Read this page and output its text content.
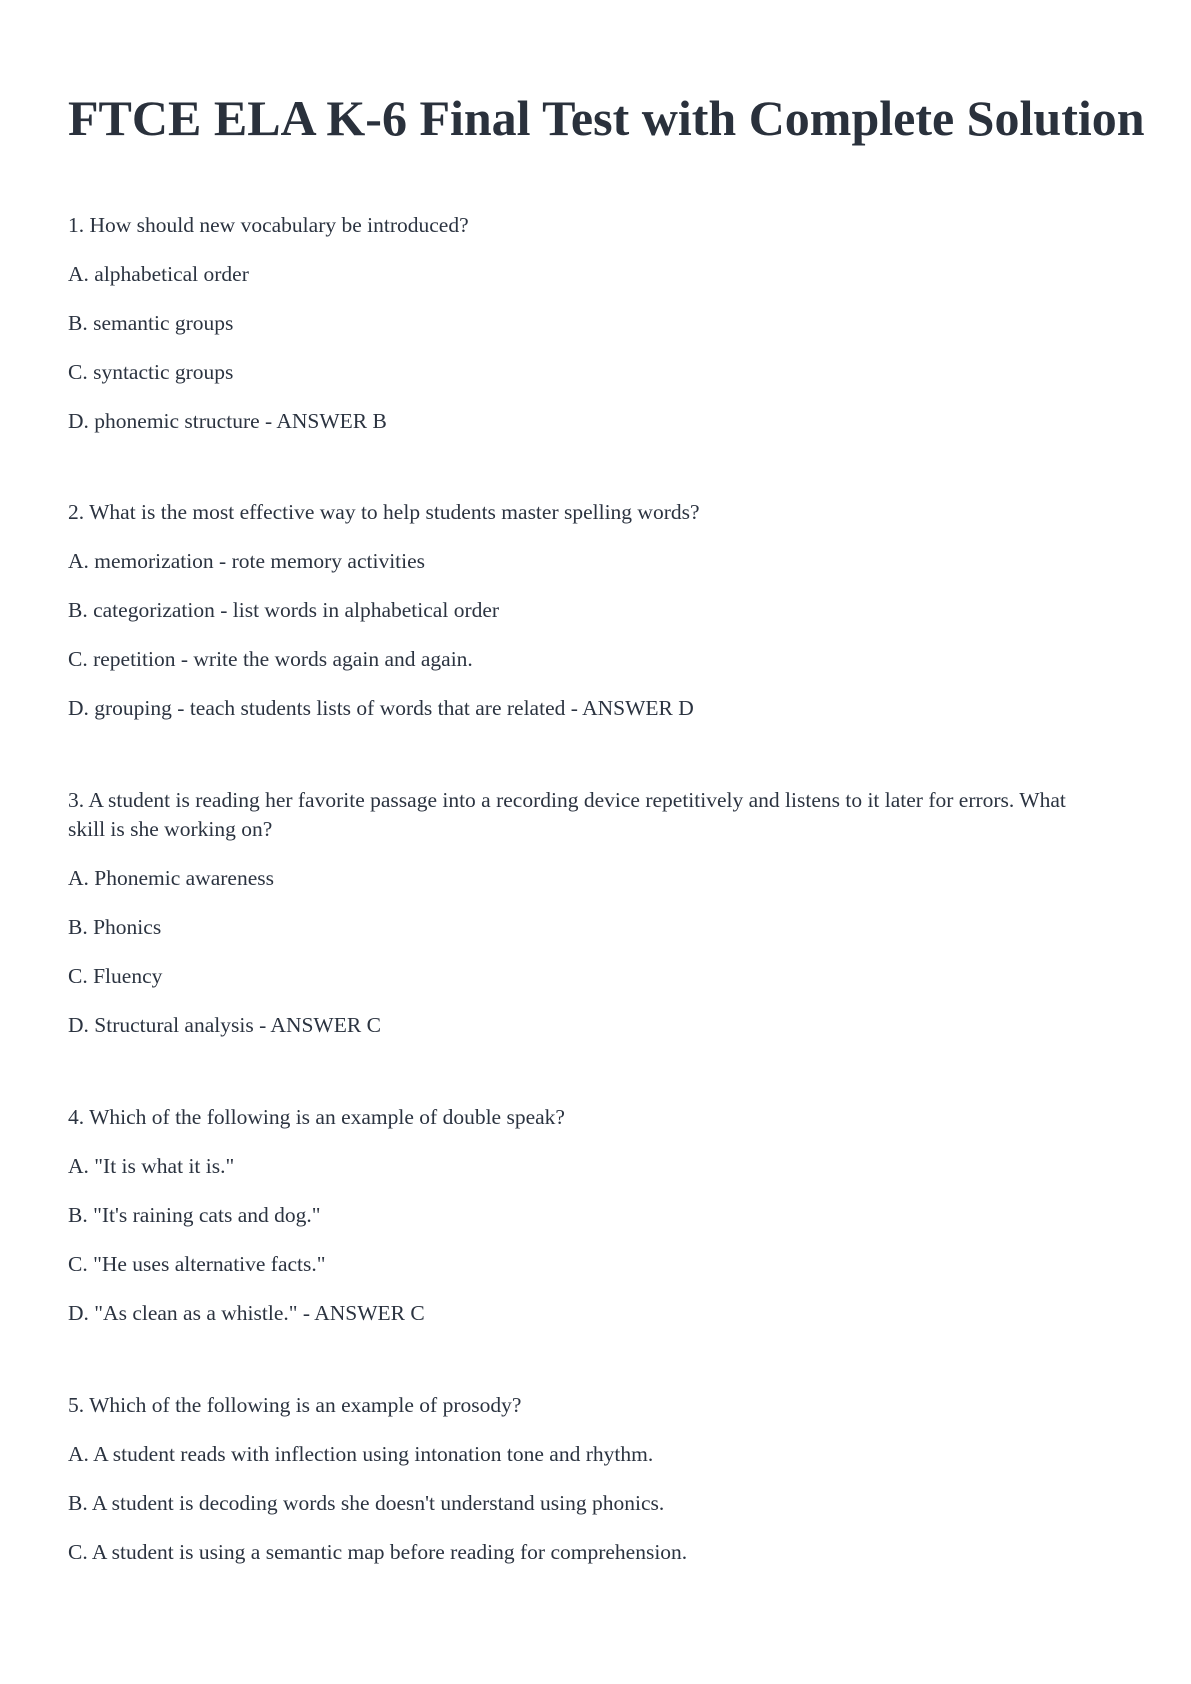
FTCE ELA K-6 Final Test with Complete Solution

1. How should new vocabulary be introduced?

A. alphabetical order

B. semantic groups

C. syntactic groups

D. phonemic structure - ANSWER B

2. What is the most effective way to help students master spelling words?

A. memorization - rote memory activities

B. categorization - list words in alphabetical order

C. repetition - write the words again and again.

D. grouping - teach students lists of words that are related - ANSWER D

3. A student is reading her favorite passage into a recording device repetitively and listens to it later for errors. What skill is she working on?

A. Phonemic awareness

B. Phonics

C. Fluency

D. Structural analysis - ANSWER C

4. Which of the following is an example of double speak?

A. "It is what it is."

B. "It's raining cats and dog."

C. "He uses alternative facts."

D. "As clean as a whistle." - ANSWER C

5. Which of the following is an example of prosody?

A. A student reads with inflection using intonation tone and rhythm.

B. A student is decoding words she doesn't understand using phonics.

C. A student is using a semantic map before reading for comprehension.
